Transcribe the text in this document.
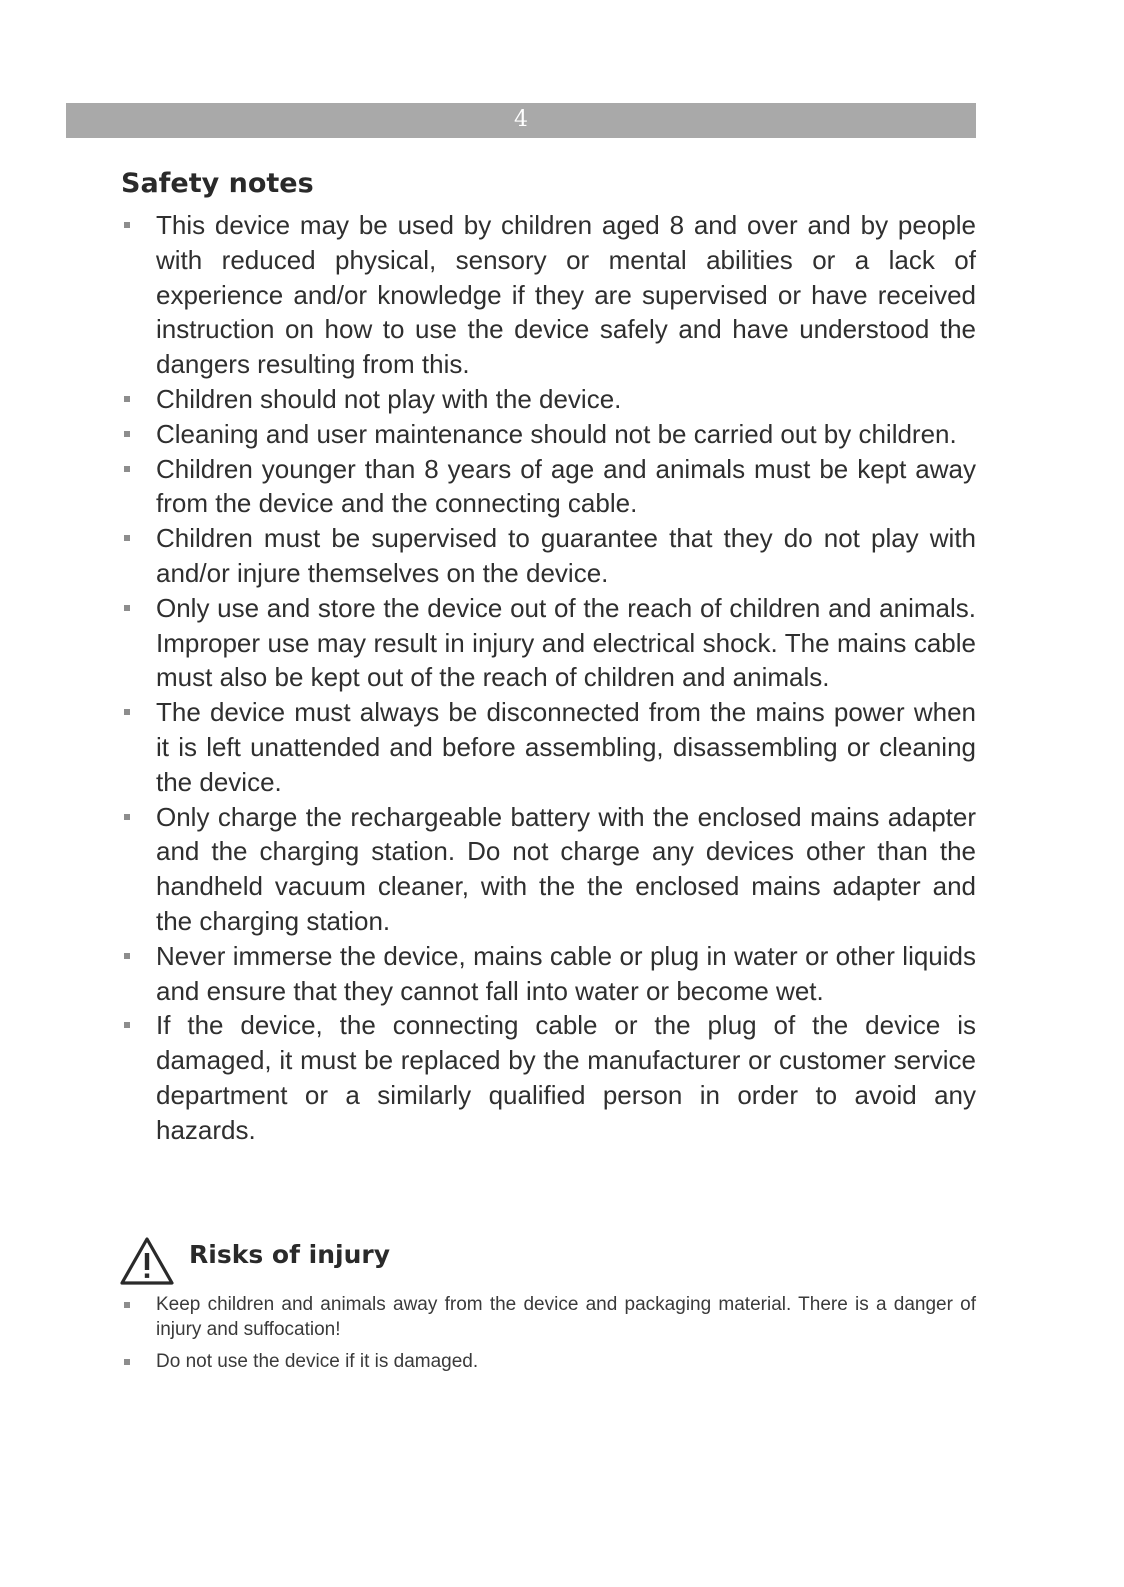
4
Safety notes
This device may be used by children aged 8 and over and by people with reduced physical, sensory or mental abilities or a lack of experience and/or knowledge if they are supervised or have received instruction on how to use the device safely and have understood the dangers resulting from this.
Children should not play with the device.
Cleaning and user maintenance should not be carried out by children.
Children younger than 8 years of age and animals must be kept away from the device and the connecting cable.
Children must be supervised to guarantee that they do not play with and/or injure themselves on the device.
Only use and store the device out of the reach of children and animals. Improper use may result in injury and electrical shock. The mains cable must also be kept out of the reach of children and animals.
The device must always be disconnected from the mains power when it is left unattended and before assembling, disassembling or cleaning the device.
Only charge the rechargeable battery with the enclosed mains adapter and the charging station. Do not charge any devices other than the handheld vacuum cleaner, with the the enclosed mains adapter and the charging station.
Never immerse the device, mains cable or plug in water or other liquids and ensure that they cannot fall into water or become wet.
If the device, the connecting cable or the plug of the device is damaged, it must be replaced by the manufacturer or customer service department or a similarly qualified person in order to avoid any hazards.
Risks of injury
Keep children and animals away from the device and packaging material. There is a danger of injury and suffocation!
Do not use the device if it is damaged.
